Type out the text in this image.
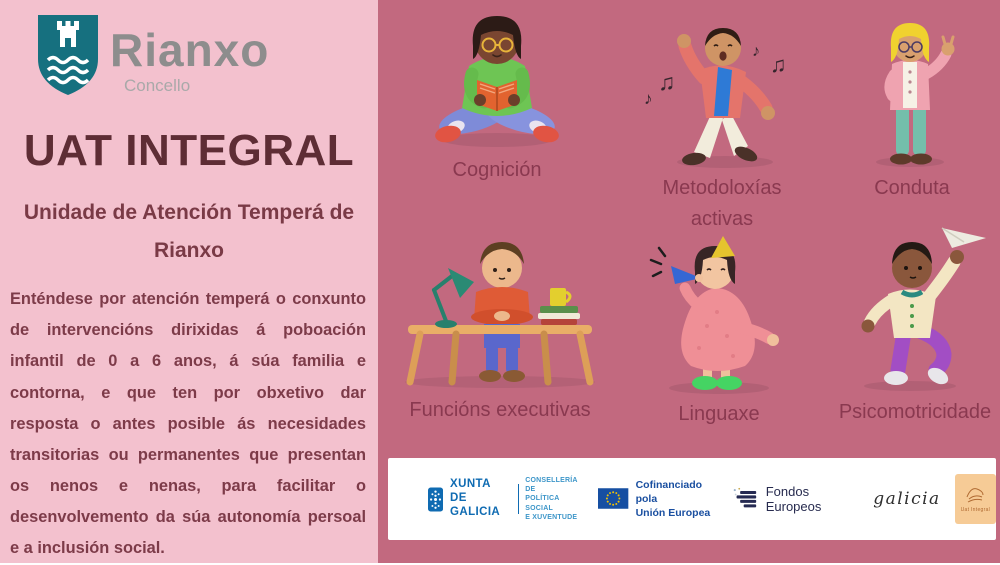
Rianxo
Concello
UAT INTEGRAL
Unidade de Atención Temperá de Rianxo
Enténdese por atención temperá o conxunto de intervencións dirixidas á poboación infantil de 0 a 6 anos, á súa familia e contorna, e que ten por obxetivo dar resposta o antes posible ás necesidades transitorias ou permanentes que presentan os nenos e nenas, para facilitar o desenvolvemento da súa autonomía persoal e a inclusión social.
Cognición
♪
♫
♪
♫
Metodoloxías activas
Conduta
Funcións executivas	Linguaxe	Psicomotricidade
XUNTA
DE GALICIA
CONSELLERÍA DE
POLÍTICA SOCIAL
E XUVENTUDE
Cofinanciado pola
Unión Europea
Fondos Europeos	galicia
Uat Integral
